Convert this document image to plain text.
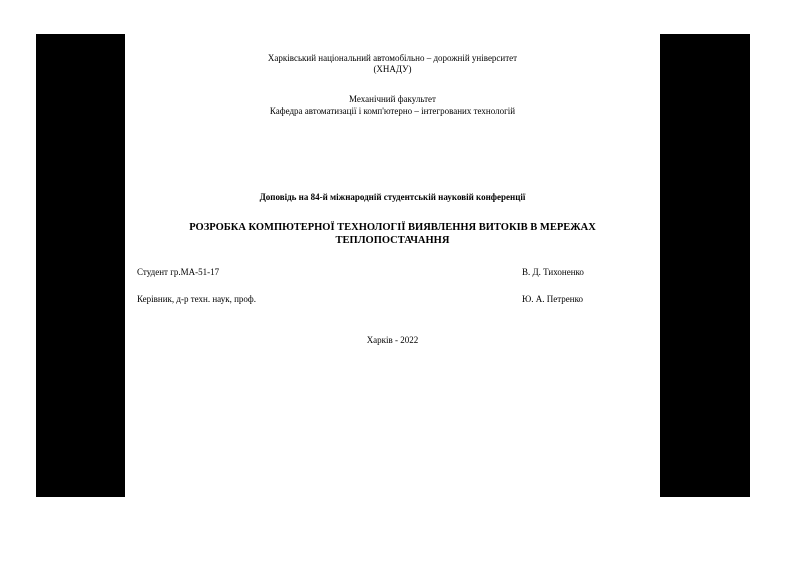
Харківський національний автомобільно – дорожній університет
(ХНАДУ)
Механічний факультет
Кафедра автоматизації і комп'ютерно – інтегрованих технологій
Доповідь на 84-й міжнародній студентській науковій конференції
РОЗРОБКА КОМПЮТЕРНОЇ ТЕХНОЛОГІЇ ВИЯВЛЕННЯ ВИТОКІВ В МЕРЕЖАХ
ТЕПЛОПОСТАЧАННЯ
Студент гр.МА-51-17	В. Д. Тихоненко
Керівник, д-р техн. наук, проф.	Ю. А. Петренко
Харків - 2022
